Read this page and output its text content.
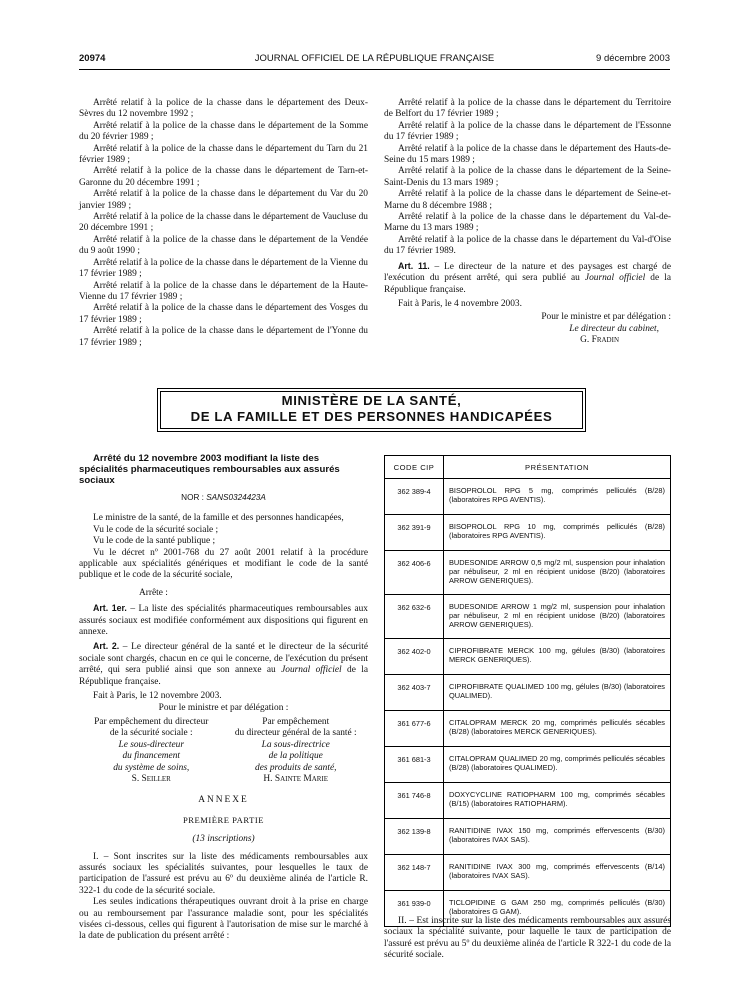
20974	JOURNAL OFFICIEL DE LA RÉPUBLIQUE FRANÇAISE	9 décembre 2003

Arrêté relatif à la police de la chasse dans le département des Deux-Sèvres du 12 novembre 1992 ;

Arrêté relatif à la police de la chasse dans le département de la Somme du 20 février 1989 ;

Arrêté relatif à la police de la chasse dans le département du Tarn du 21 février 1989 ;

Arrêté relatif à la police de la chasse dans le département de Tarn-et-Garonne du 20 décembre 1991 ;

Arrêté relatif à la police de la chasse dans le département du Var du 20 janvier 1989 ;

Arrêté relatif à la police de la chasse dans le département de Vaucluse du 20 décembre 1991 ;

Arrêté relatif à la police de la chasse dans le département de la Vendée du 9 août 1990 ;

Arrêté relatif à la police de la chasse dans le département de la Vienne du 17 février 1989 ;

Arrêté relatif à la police de la chasse dans le département de la Haute-Vienne du 17 février 1989 ;

Arrêté relatif à la police de la chasse dans le département des Vosges du 17 février 1989 ;

Arrêté relatif à la police de la chasse dans le département de l'Yonne du 17 février 1989 ;

Arrêté relatif à la police de la chasse dans le département du Territoire de Belfort du 17 février 1989 ;

Arrêté relatif à la police de la chasse dans le département de l'Essonne du 17 février 1989 ;

Arrêté relatif à la police de la chasse dans le département des Hauts-de-Seine du 15 mars 1989 ;

Arrêté relatif à la police de la chasse dans le département de la Seine-Saint-Denis du 13 mars 1989 ;

Arrêté relatif à la police de la chasse dans le département de Seine-et-Marne du 8 décembre 1988 ;

Arrêté relatif à la police de la chasse dans le département du Val-de-Marne du 13 mars 1989 ;

Arrêté relatif à la police de la chasse dans le département du Val-d'Oise du 17 février 1989.

Art. 11. – Le directeur de la nature et des paysages est chargé de l'exécution du présent arrêté, qui sera publié au Journal officiel de la République française.

Fait à Paris, le 4 novembre 2003.

Pour le ministre et par délégation :
Le directeur du cabinet,
G. Fradin
MINISTÈRE DE LA SANTÉ,
DE LA FAMILLE ET DES PERSONNES HANDICAPÉES

Arrêté du 12 novembre 2003 modifiant la liste des spécialités pharmaceutiques remboursables aux assurés sociaux

NOR : SANS0324423A

Le ministre de la santé, de la famille et des personnes handicapées,

Vu le code de la sécurité sociale ;

Vu le code de la santé publique ;

Vu le décret nº 2001-768 du 27 août 2001 relatif à la procédure applicable aux spécialités génériques et modifiant le code de la santé publique et le code de la sécurité sociale,

Arrête :

Art. 1er. – La liste des spécialités pharmaceutiques remboursables aux assurés sociaux est modifiée conformément aux dispositions qui figurent en annexe.

Art. 2. – Le directeur général de la santé et le directeur de la sécurité sociale sont chargés, chacun en ce qui le concerne, de l'exécution du présent arrêté, qui sera publié ainsi que son annexe au Journal officiel de la République française.

Fait à Paris, le 12 novembre 2003.

Pour le ministre et par délégation :

Par empêchement du directeur
de la sécurité sociale :
Le sous-directeur
du financement
du système de soins,
S. Seiller
Par empêchement
du directeur général de la santé :
La sous-directrice
de la politique
des produits de santé,
H. Sainte Marie

ANNEXE

PREMIÈRE PARTIE

(13 inscriptions)

I. – Sont inscrites sur la liste des médicaments remboursables aux assurés sociaux les spécialités suivantes, pour lesquelles le taux de participation de l'assuré est prévu au 6º du deuxième alinéa de l'article R. 322-1 du code de la sécurité sociale.

Les seules indications thérapeutiques ouvrant droit à la prise en charge ou au remboursement par l'assurance maladie sont, pour les spécialités visées ci-dessous, celles qui figurent à l'autorisation de mise sur le marché à la date de publication du présent arrêté :

CODE CIP	PRÉSENTATION
362 389-4	BISOPROLOL RPG 5 mg, comprimés pelliculés (B/28) (laboratoires RPG AVENTIS).
362 391-9	BISOPROLOL RPG 10 mg, comprimés pelliculés (B/28) (laboratoires RPG AVENTIS).
362 406-6	BUDESONIDE ARROW 0,5 mg/2 ml, suspension pour inhalation par nébuliseur, 2 ml en récipient unidose (B/20) (laboratoires ARROW GENERIQUES).
362 632-6	BUDESONIDE ARROW 1 mg/2 ml, suspension pour inhalation par nébuliseur, 2 ml en récipient unidose (B/20) (laboratoires ARROW GENERIQUES).
362 402-0	CIPROFIBRATE MERCK 100 mg, gélules (B/30) (laboratoires MERCK GENERIQUES).
362 403-7	CIPROFIBRATE QUALIMED 100 mg, gélules (B/30) (laboratoires QUALIMED).
361 677-6	CITALOPRAM MERCK 20 mg, comprimés pelliculés sécables (B/28) (laboratoires MERCK GENERIQUES).
361 681-3	CITALOPRAM QUALIMED 20 mg, comprimés pelliculés sécables (B/28) (laboratoires QUALIMED).
361 746-8	DOXYCYCLINE RATIOPHARM 100 mg, comprimés sécables (B/15) (laboratoires RATIOPHARM).
362 139-8	RANITIDINE IVAX 150 mg, comprimés effervescents (B/30) (laboratoires IVAX SAS).
362 148-7	RANITIDINE IVAX 300 mg, comprimés effervescents (B/14) (laboratoires IVAX SAS).
361 939-0	TICLOPIDINE G GAM 250 mg, comprimés pelliculés (B/30) (laboratoires G GAM).

II. – Est inscrite sur la liste des médicaments remboursables aux assurés sociaux la spécialité suivante, pour laquelle le taux de participation de l'assuré est prévu au 5º du deuxième alinéa de l'article R 322-1 du code de la sécurité sociale.
